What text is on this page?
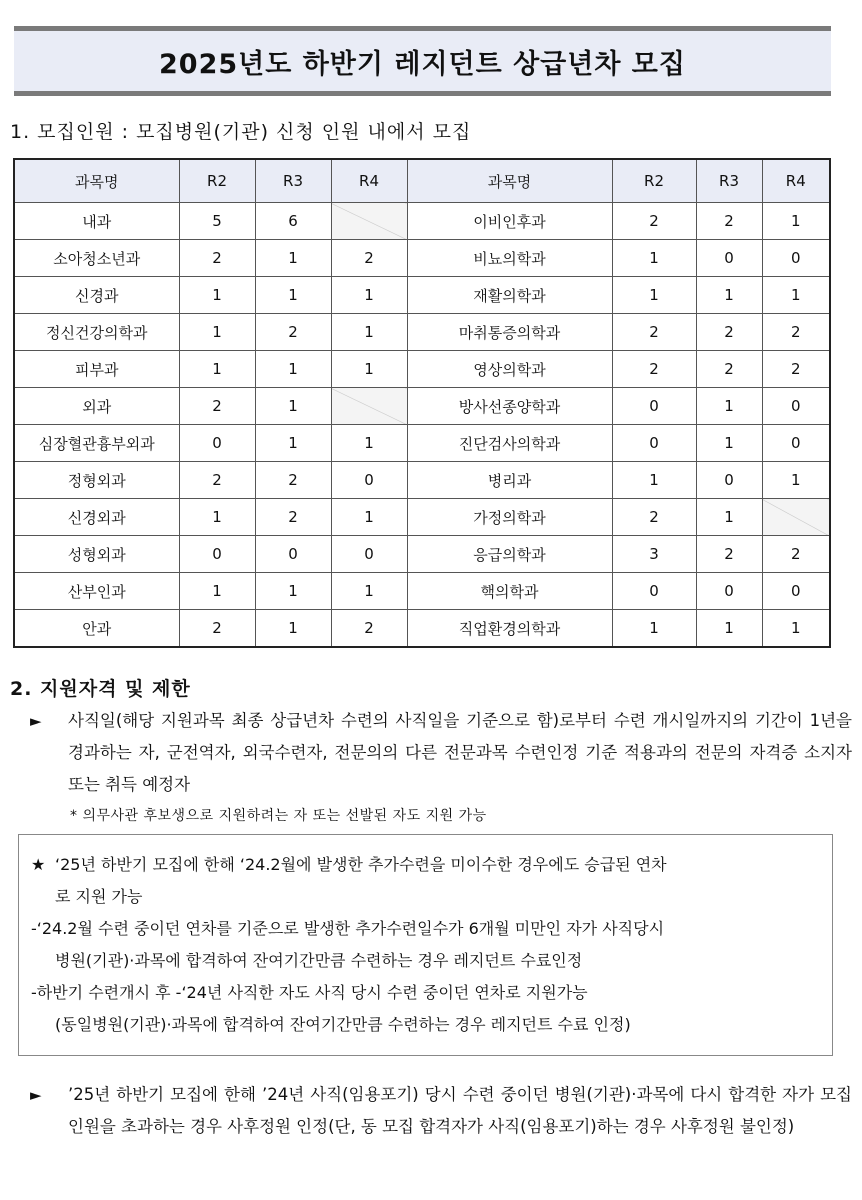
2025년도 하반기 레지던트 상급년차 모집
1. 모집인원 : 모집병원(기관) 신청 인원 내에서 모집
과목명	R2	R3	R4	과목명	R2	R3	R4
내과	5	6		이비인후과	2	2	1
소아청소년과	2	1	2	비뇨의학과	1	0	0
신경과	1	1	1	재활의학과	1	1	1
정신건강의학과	1	2	1	마취통증의학과	2	2	2
피부과	1	1	1	영상의학과	2	2	2
외과	2	1		방사선종양학과	0	1	0
심장혈관흉부외과	0	1	1	진단검사의학과	0	1	0
정형외과	2	2	0	병리과	1	0	1
신경외과	1	2	1	가정의학과	2	1	
성형외과	0	0	0	응급의학과	3	2	2
산부인과	1	1	1	핵의학과	0	0	0
안과	2	1	2	직업환경의학과	1	1	1
2. 지원자격 및 제한
►	사직일(해당 지원과목 최종 상급년차 수련의 사직일을 기준으로 함)로부터 수련 개시일까지의 기간이 1년을 경과하는 자, 군전역자, 외국수련자, 전문의의 다른 전문과목 수련인정 기준 적용과의 전문의 자격증 소지자 또는 취득 예정자
* 의무사관 후보생으로 지원하려는 자 또는 선발된 자도 지원 가능
★ ‘25년 하반기 모집에 한해 ‘24.2월에 발생한 추가수련을 미이수한 경우에도 승급된 연차
로 지원 가능
-‘24.2월 수련 중이던 연차를 기준으로 발생한 추가수련일수가 6개월 미만인 자가 사직당시
병원(기관)·과목에 합격하여 잔여기간만큼 수련하는 경우 레지던트 수료인정
-하반기 수련개시 후 -‘24년 사직한 자도 사직 당시 수련 중이던 연차로 지원가능
(동일병원(기관)·과목에 합격하여 잔여기간만큼 수련하는 경우 레지던트 수료 인정)
►	’25년 하반기 모집에 한해 ’24년 사직(임용포기) 당시 수련 중이던 병원(기관)·과목에 다시 합격한 자가 모집인원을 초과하는 경우 사후정원 인정(단, 동 모집 합격자가 사직(임용포기)하는 경우 사후정원 불인정)
